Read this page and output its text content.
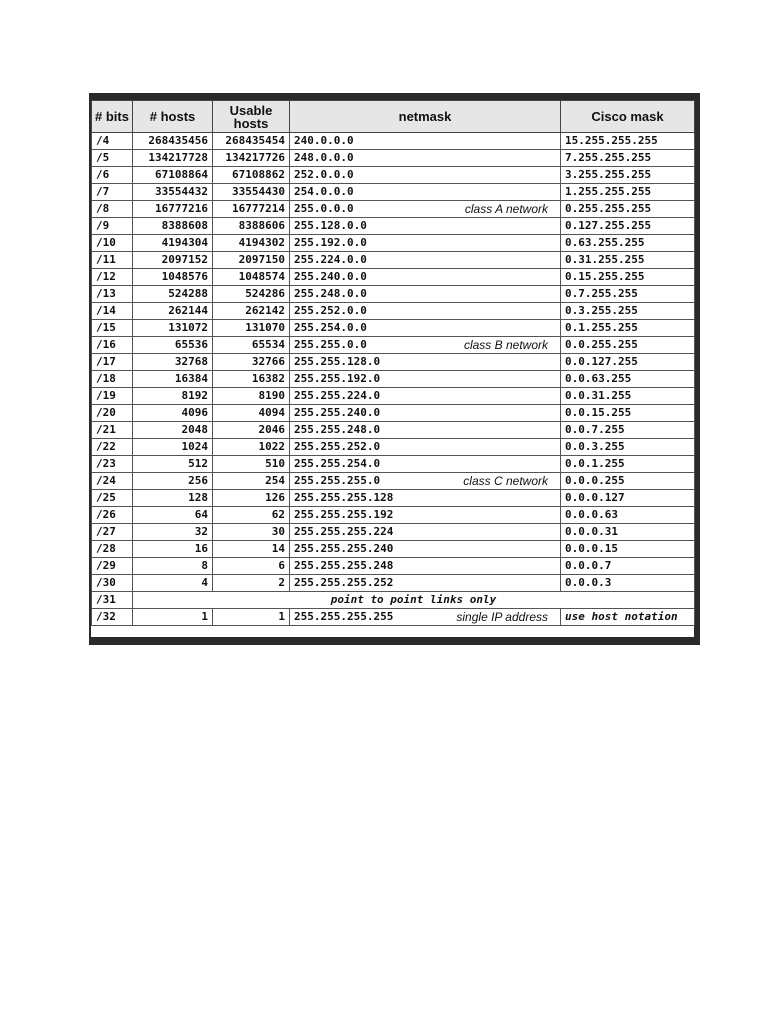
# bits	# hosts	Usable hosts	netmask	Cisco mask
/4	268435456	268435454	240.0.0.0	15.255.255.255
/5	134217728	134217726	248.0.0.0	7.255.255.255
/6	67108864	67108862	252.0.0.0	3.255.255.255
/7	33554432	33554430	254.0.0.0	1.255.255.255
/8	16777216	16777214	255.0.0.0 class A network	0.255.255.255
/9	8388608	8388606	255.128.0.0	0.127.255.255
/10	4194304	4194302	255.192.0.0	0.63.255.255
/11	2097152	2097150	255.224.0.0	0.31.255.255
/12	1048576	1048574	255.240.0.0	0.15.255.255
/13	524288	524286	255.248.0.0	0.7.255.255
/14	262144	262142	255.252.0.0	0.3.255.255
/15	131072	131070	255.254.0.0	0.1.255.255
/16	65536	65534	255.255.0.0 class B network	0.0.255.255
/17	32768	32766	255.255.128.0	0.0.127.255
/18	16384	16382	255.255.192.0	0.0.63.255
/19	8192	8190	255.255.224.0	0.0.31.255
/20	4096	4094	255.255.240.0	0.0.15.255
/21	2048	2046	255.255.248.0	0.0.7.255
/22	1024	1022	255.255.252.0	0.0.3.255
/23	512	510	255.255.254.0	0.0.1.255
/24	256	254	255.255.255.0 class C network	0.0.0.255
/25	128	126	255.255.255.128	0.0.0.127
/26	64	62	255.255.255.192	0.0.0.63
/27	32	30	255.255.255.224	0.0.0.31
/28	16	14	255.255.255.240	0.0.0.15
/29	8	6	255.255.255.248	0.0.0.7
/30	4	2	255.255.255.252	0.0.0.3
/31	point to point links only			
/32	1	1	255.255.255.255 single IP address	use host notation
